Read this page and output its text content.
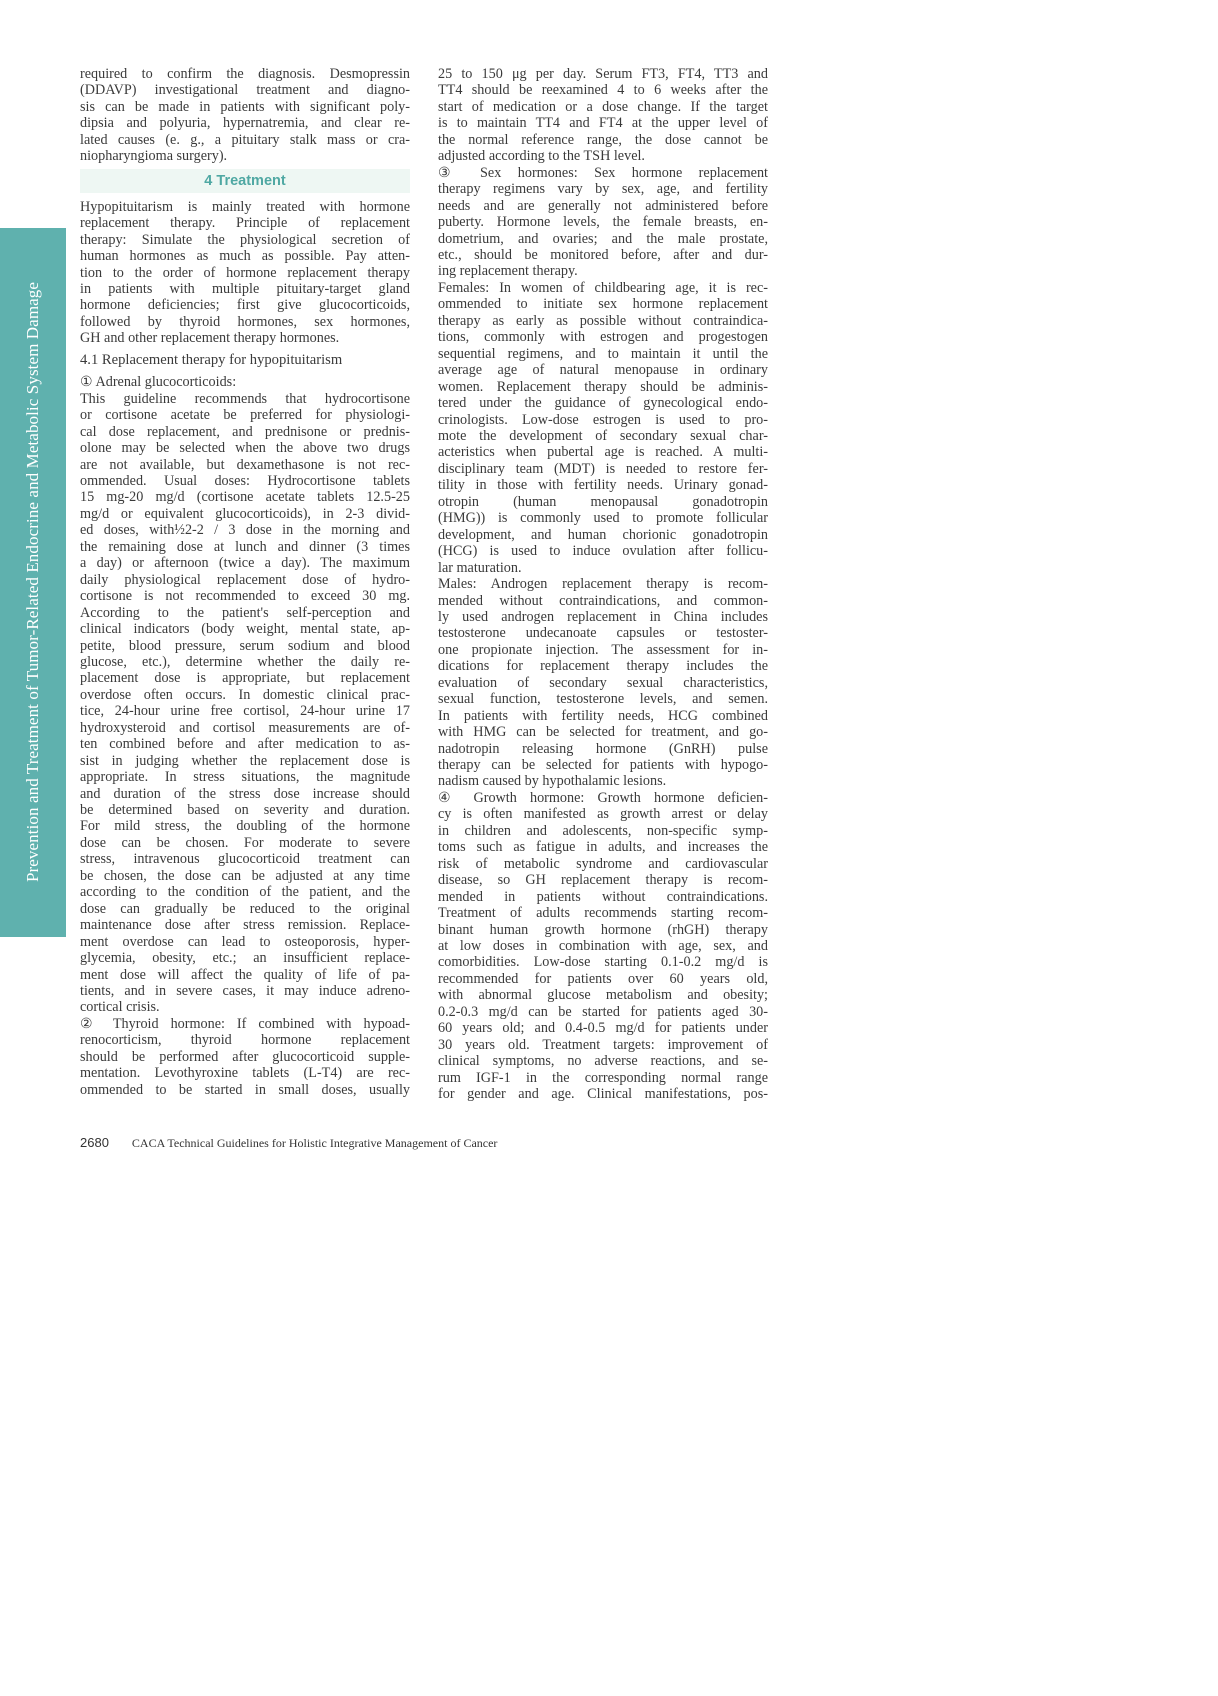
Prevention and Treatment of Tumor-Related Endocrine and Metabolic System Damage

required to confirm the diagnosis. Desmopressin
(DDAVP) investigational treatment and diagno-
sis can be made in patients with significant poly-
dipsia and polyuria, hypernatremia, and clear re-
lated causes (e. g., a pituitary stalk mass or cra-
niopharyngioma surgery).

4 Treatment

Hypopituitarism is mainly treated with hormone
replacement therapy. Principle of replacement
therapy: Simulate the physiological secretion of
human hormones as much as possible. Pay atten-
tion to the order of hormone replacement therapy
in patients with multiple pituitary-target gland
hormone deficiencies; first give glucocorticoids,
followed by thyroid hormones, sex hormones,
GH and other replacement therapy hormones.

4.1 Replacement therapy for hypopituitarism

① Adrenal glucocorticoids:

This guideline recommends that hydrocortisone
or cortisone acetate be preferred for physiologi-
cal dose replacement, and prednisone or prednis-
olone may be selected when the above two drugs
are not available, but dexamethasone is not rec-
ommended. Usual doses: Hydrocortisone tablets
15 mg-20 mg/d (cortisone acetate tablets 12.5-25
mg/d or equivalent glucocorticoids), in 2-3 divid-
ed doses, with½2-2 / 3 dose in the morning and
the remaining dose at lunch and dinner (3 times
a day) or afternoon (twice a day). The maximum
daily physiological replacement dose of hydro-
cortisone is not recommended to exceed 30 mg.
According to the patient's self-perception and
clinical indicators (body weight, mental state, ap-
petite, blood pressure, serum sodium and blood
glucose, etc.), determine whether the daily re-
placement dose is appropriate, but replacement
overdose often occurs. In domestic clinical prac-
tice, 24-hour urine free cortisol, 24-hour urine 17
hydroxysteroid and cortisol measurements are of-
ten combined before and after medication to as-
sist in judging whether the replacement dose is
appropriate. In stress situations, the magnitude
and duration of the stress dose increase should
be determined based on severity and duration.
For mild stress, the doubling of the hormone
dose can be chosen. For moderate to severe
stress, intravenous glucocorticoid treatment can
be chosen, the dose can be adjusted at any time
according to the condition of the patient, and the
dose can gradually be reduced to the original
maintenance dose after stress remission. Replace-
ment overdose can lead to osteoporosis, hyper-
glycemia, obesity, etc.; an insufficient replace-
ment dose will affect the quality of life of pa-
tients, and in severe cases, it may induce adreno-
cortical crisis.

② Thyroid hormone: If combined with hypoad-
renocorticism, thyroid hormone replacement
should be performed after glucocorticoid supple-
mentation. Levothyroxine tablets (L-T4) are rec-
ommended to be started in small doses, usually

25 to 150 μg per day. Serum FT3, FT4, TT3 and
TT4 should be reexamined 4 to 6 weeks after the
start of medication or a dose change. If the target
is to maintain TT4 and FT4 at the upper level of
the normal reference range, the dose cannot be
adjusted according to the TSH level.

③ Sex hormones: Sex hormone replacement
therapy regimens vary by sex, age, and fertility
needs and are generally not administered before
puberty. Hormone levels, the female breasts, en-
dometrium, and ovaries; and the male prostate,
etc., should be monitored before, after and dur-
ing replacement therapy.

Females: In women of childbearing age, it is rec-
ommended to initiate sex hormone replacement
therapy as early as possible without contraindica-
tions, commonly with estrogen and progestogen
sequential regimens, and to maintain it until the
average age of natural menopause in ordinary
women. Replacement therapy should be adminis-
tered under the guidance of gynecological endo-
crinologists. Low-dose estrogen is used to pro-
mote the development of secondary sexual char-
acteristics when pubertal age is reached. A multi-
disciplinary team (MDT) is needed to restore fer-
tility in those with fertility needs. Urinary gonad-
otropin (human menopausal gonadotropin
(HMG)) is commonly used to promote follicular
development, and human chorionic gonadotropin
(HCG) is used to induce ovulation after follicu-
lar maturation.

Males: Androgen replacement therapy is recom-
mended without contraindications, and common-
ly used androgen replacement in China includes
testosterone undecanoate capsules or testoster-
one propionate injection. The assessment for in-
dications for replacement therapy includes the
evaluation of secondary sexual characteristics,
sexual function, testosterone levels, and semen.
In patients with fertility needs, HCG combined
with HMG can be selected for treatment, and go-
nadotropin releasing hormone (GnRH) pulse
therapy can be selected for patients with hypogo-
nadism caused by hypothalamic lesions.

④ Growth hormone: Growth hormone deficien-
cy is often manifested as growth arrest or delay
in children and adolescents, non-specific symp-
toms such as fatigue in adults, and increases the
risk of metabolic syndrome and cardiovascular
disease, so GH replacement therapy is recom-
mended in patients without contraindications.
Treatment of adults recommends starting recom-
binant human growth hormone (rhGH) therapy
at low doses in combination with age, sex, and
comorbidities. Low-dose starting 0.1-0.2 mg/d is
recommended for patients over 60 years old,
with abnormal glucose metabolism and obesity;
0.2-0.3 mg/d can be started for patients aged 30-
60 years old; and 0.4-0.5 mg/d for patients under
30 years old. Treatment targets: improvement of
clinical symptoms, no adverse reactions, and se-
rum IGF-1 in the corresponding normal range
for gender and age. Clinical manifestations, pos-

2680 CACA Technical Guidelines for Holistic Integrative Management of Cancer
